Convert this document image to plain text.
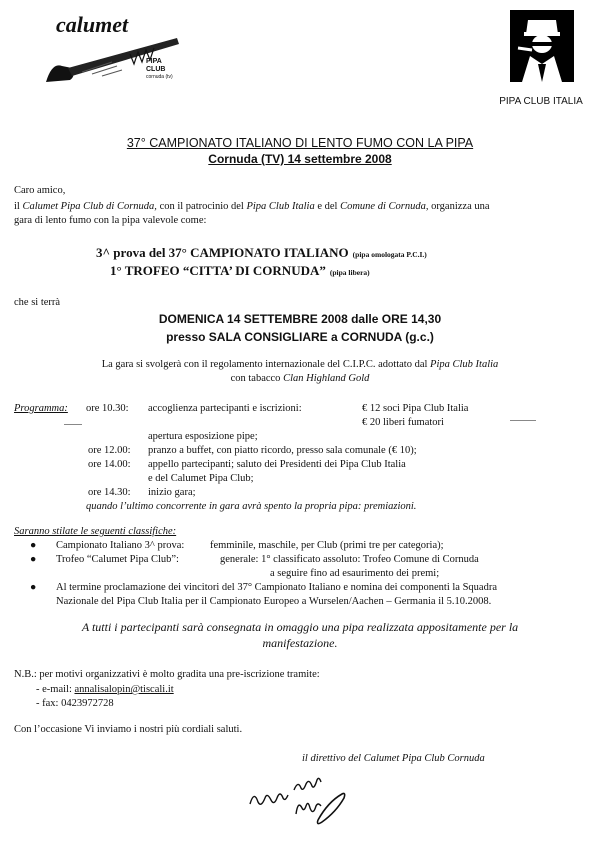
calumet
PIPA
CLUB
cornuda (tv)
PIPA CLUB ITALIA
37° CAMPIONATO ITALIANO DI LENTO FUMO CON LA PIPA
Cornuda (TV) 14 settembre 2008
Caro amico,
il Calumet Pipa Club di Cornuda, con il patrocinio del Pipa Club Italia e del Comune di Cornuda, organizza una
gara di lento fumo con la pipa valevole come:
3^ prova del 37° CAMPIONATO ITALIANO (pipa omologata P.C.I.)
1° TROFEO “CITTA’ DI CORNUDA” (pipa libera)
che si terrà
DOMENICA 14 SETTEMBRE 2008 dalle ORE 14,30
presso SALA CONSIGLIARE a CORNUDA (g.c.)
La gara si svolgerà con il regolamento internazionale del C.I.P.C. adottato dal Pipa Club Italia
con tabacco Clan Highland Gold
Programma: ore 10.30: accoglienza partecipanti e iscrizioni:	€ 12 soci Pipa Club Italia
€ 20 liberi fumatori
apertura esposizione pipe;
ore 12.00: pranzo a buffet, con piatto ricordo, presso sala comunale (€ 10);
ore 14.00: appello partecipanti; saluto dei Presidenti dei Pipa Club Italia
e del Calumet Pipa Club;
ore 14.30: inizio gara;
quando l’ultimo concorrente in gara avrà spento la propria pipa: premiazioni.
Saranno stilate le seguenti classifiche:
● Campionato Italiano 3^ prova: femminile, maschile, per Club (primi tre per categoria);
● Trofeo “Calumet Pipa Club”:	generale: 1° classificato assoluto: Trofeo Comune di Cornuda
a seguire fino ad esaurimento dei premi;
● Al termine proclamazione dei vincitori del 37° Campionato Italiano e nomina dei componenti la Squadra
Nazionale del Pipa Club Italia per il Campionato Europeo a Wurselen/Aachen – Germania il 5.10.2008.
A tutti i partecipanti sarà consegnata in omaggio una pipa realizzata appositamente per la
manifestazione.
N.B.: per motivi organizzativi è molto gradita una pre-iscrizione tramite:
- e-mail: annalisalopin@tiscali.it
- fax: 0423972728
Con l’occasione Vi inviamo i nostri più cordiali saluti.
il direttivo del Calumet Pipa Club Cornuda
